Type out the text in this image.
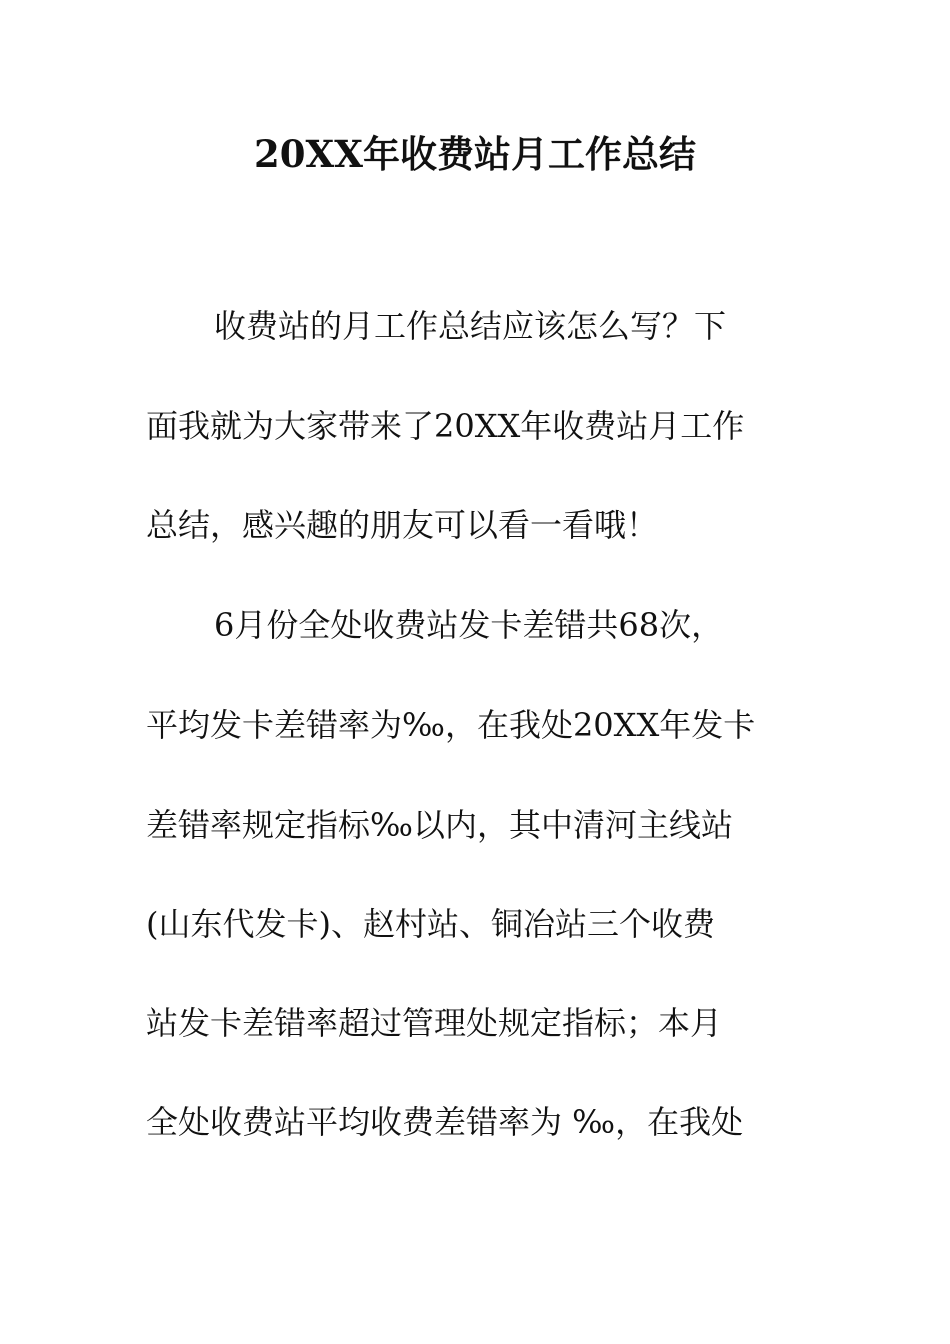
20XX年收费站月工作总结
收费站的月工作总结应该怎么写？下
面我就为大家带来了20XX年收费站月工作
总结，感兴趣的朋友可以看一看哦！
6月份全处收费站发卡差错共68次，
平均发卡差错率为‰，在我处20XX年发卡
差错率规定指标‰以内，其中清河主线站
(山东代发卡)、赵村站、铜冶站三个收费
站发卡差错率超过管理处规定指标；本月
全处收费站平均收费差错率为 ‰，在我处
